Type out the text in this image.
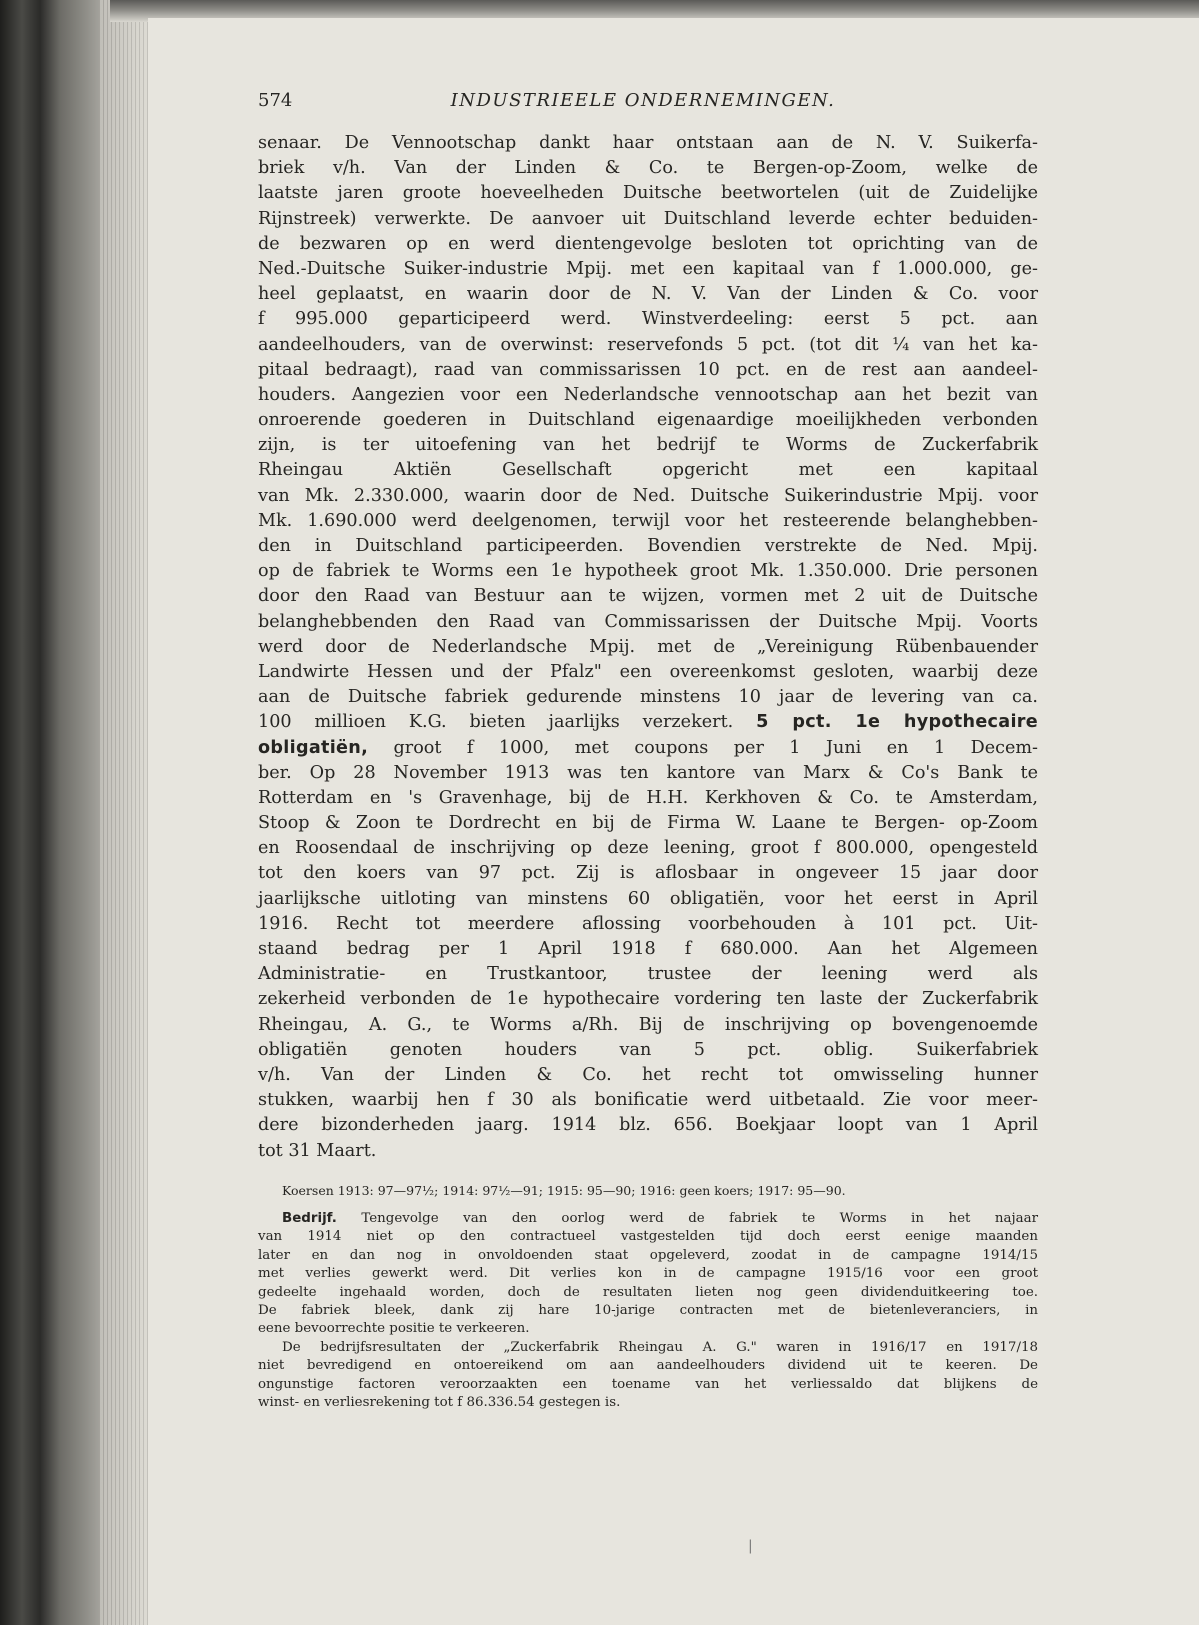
574	INDUSTRIEELE ONDERNEMINGEN.
senaar. De Vennootschap dankt haar ontstaan aan de N. V. Suikerfa-
briek v/h. Van der Linden & Co. te Bergen-op-Zoom, welke de
laatste jaren groote hoeveelheden Duitsche beetwortelen (uit de Zuidelijke
Rijnstreek) verwerkte. De aanvoer uit Duitschland leverde echter beduiden-
de bezwaren op en werd dientengevolge besloten tot oprichting van de
Ned.-Duitsche Suiker-industrie Mpij. met een kapitaal van f 1.000.000, ge-
heel geplaatst, en waarin door de N. V. Van der Linden & Co. voor
f 995.000 geparticipeerd werd. Winstverdeeling: eerst 5 pct. aan
aandeelhouders, van de overwinst: reservefonds 5 pct. (tot dit ¼ van het ka-
pitaal bedraagt), raad van commissarissen 10 pct. en de rest aan aandeel-
houders. Aangezien voor een Nederlandsche vennootschap aan het bezit van
onroerende goederen in Duitschland eigenaardige moeilijkheden verbonden
zijn, is ter uitoefening van het bedrijf te Worms de Zuckerfabrik
Rheingau Aktiën Gesellschaft opgericht met een kapitaal
van Mk. 2.330.000, waarin door de Ned. Duitsche Suikerindustrie Mpij. voor
Mk. 1.690.000 werd deelgenomen, terwijl voor het resteerende belanghebben-
den in Duitschland participeerden. Bovendien verstrekte de Ned. Mpij.
op de fabriek te Worms een 1e hypotheek groot Mk. 1.350.000. Drie personen
door den Raad van Bestuur aan te wijzen, vormen met 2 uit de Duitsche
belanghebbenden den Raad van Commissarissen der Duitsche Mpij. Voorts
werd door de Nederlandsche Mpij. met de „Vereinigung Rübenbauender
Landwirte Hessen und der Pfalz" een overeenkomst gesloten, waarbij deze
aan de Duitsche fabriek gedurende minstens 10 jaar de levering van ca.
100 millioen K.G. bieten jaarlijks verzekert. 5 pct. 1e hypothecaire
obligatiën, groot f 1000, met coupons per 1 Juni en 1 Decem-
ber. Op 28 November 1913 was ten kantore van Marx & Co's Bank te
Rotterdam en 's Gravenhage, bij de H.H. Kerkhoven & Co. te Amsterdam,
Stoop & Zoon te Dordrecht en bij de Firma W. Laane te Bergen- op-Zoom
en Roosendaal de inschrijving op deze leening, groot f 800.000, opengesteld
tot den koers van 97 pct. Zij is aflosbaar in ongeveer 15 jaar door
jaarlijksche uitloting van minstens 60 obligatiën, voor het eerst in April
1916. Recht tot meerdere aflossing voorbehouden à 101 pct. Uit-
staand bedrag per 1 April 1918 f 680.000. Aan het Algemeen
Administratie- en Trustkantoor, trustee der leening werd als
zekerheid verbonden de 1e hypothecaire vordering ten laste der Zuckerfabrik
Rheingau, A. G., te Worms a/Rh. Bij de inschrijving op bovengenoemde
obligatiën genoten houders van 5 pct. oblig. Suikerfabriek
v/h. Van der Linden & Co. het recht tot omwisseling hunner
stukken, waarbij hen f 30 als bonificatie werd uitbetaald. Zie voor meer-
dere bizonderheden jaarg. 1914 blz. 656. Boekjaar loopt van 1 April
tot 31 Maart.
Koersen 1913: 97—97½; 1914: 97½—91; 1915: 95—90; 1916: geen koers; 1917: 95—90.
Bedrijf. Tengevolge van den oorlog werd de fabriek te Worms in het najaar
van 1914 niet op den contractueel vastgestelden tijd doch eerst eenige maanden
later en dan nog in onvoldoenden staat opgeleverd, zoodat in de campagne 1914/15
met verlies gewerkt werd. Dit verlies kon in de campagne 1915/16 voor een groot
gedeelte ingehaald worden, doch de resultaten lieten nog geen dividenduitkeering toe.
De fabriek bleek, dank zij hare 10-jarige contracten met de bietenleveranciers, in
eene bevoorrechte positie te verkeeren.
De bedrijfsresultaten der „Zuckerfabrik Rheingau A. G." waren in 1916/17 en 1917/18
niet bevredigend en ontoereikend om aan aandeelhouders dividend uit te keeren. De
ongunstige factoren veroorzaakten een toename van het verliessaldo dat blijkens de
winst- en verliesrekening tot f 86.336.54 gestegen is.
|
